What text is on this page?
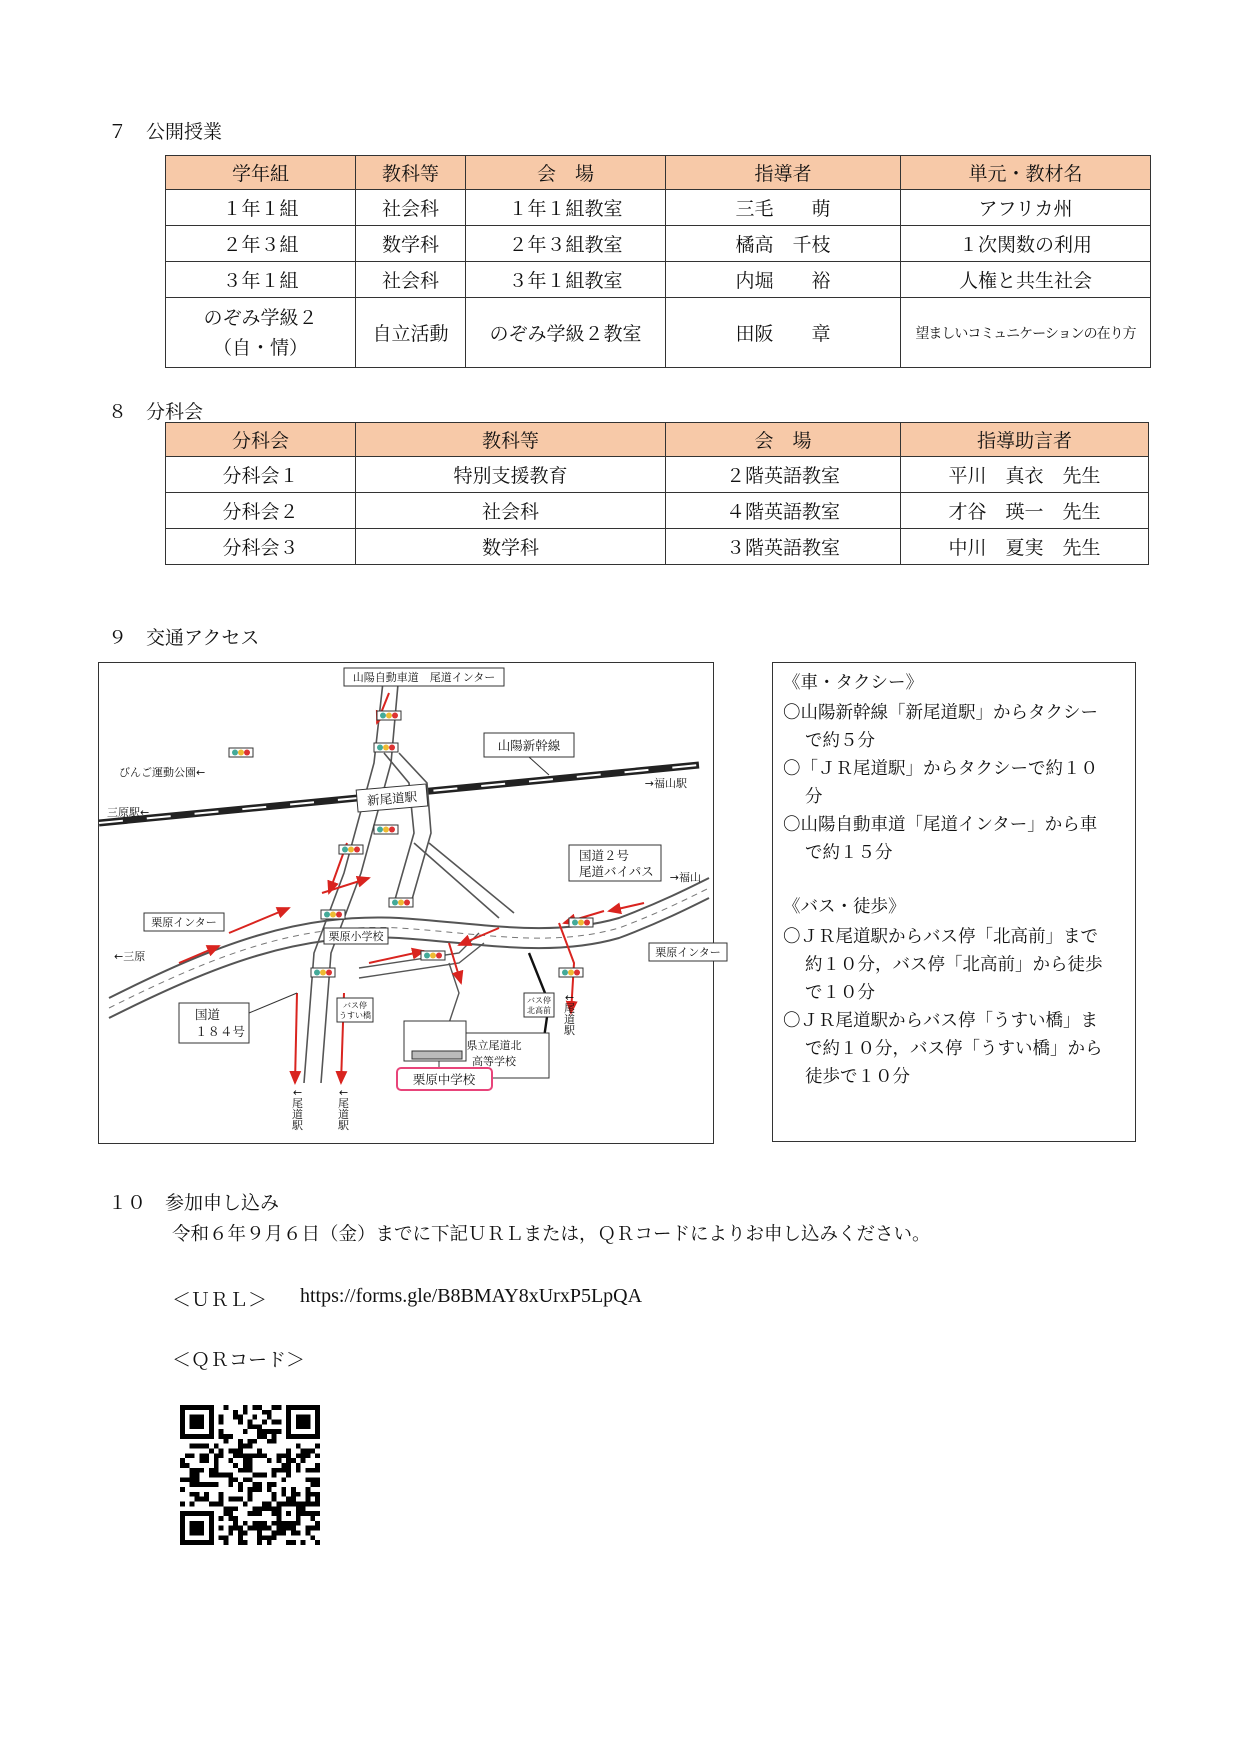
７　公開授業
学年組	教科等	会　場	指導者	単元・教材名
１年１組	社会科	１年１組教室	三毛　　萌	アフリカ州
２年３組	数学科	２年３組教室	橘高　千枝	１次関数の利用
３年１組	社会科	３年１組教室	内堀　　裕	人権と共生社会

のぞみ学級２
（自・情）	自立活動	のぞみ学級２教室	田阪　　章	望ましいコミュニケーションの在り方
８　分科会
分科会	教科等	会　場	指導助言者
分科会１	特別支援教育	２階英語教室	平川　真衣　先生
分科会２	社会科	４階英語教室	才谷　瑛一　先生
分科会３	数学科	３階英語教室	中川　夏実　先生
９　交通アクセス
山陽自動車道　尾道インター
山陽新幹線
びんご運動公園←
三原駅←
→福山駅
新尾道駅
国道２号
尾道バイパス →福山
栗原インター
栗原インター
←三原
栗原小学校
国道
１８４号
バス停
うすい橋
バス停
北高前
県立尾道北
高等学校
栗原中学校
↓尾道駅
↓尾道駅	↓尾道駅
《車・タクシー》
〇山陽新幹線「新尾道駅」からタクシー
で約５分
〇「ＪＲ尾道駅」からタクシーで約１０
分
〇山陽自動車道「尾道インター」から車
で約１５分
《バス・徒歩》
〇ＪＲ尾道駅からバス停「北高前」まで
約１０分，バス停「北高前」から徒歩
で１０分
〇ＪＲ尾道駅からバス停「うすい橋」ま
で約１０分，バス停「うすい橋」から
徒歩で１０分
１０　参加申し込み
令和６年９月６日（金）までに下記ＵＲＬまたは，ＱＲコードによりお申し込みください。
＜ＵＲＬ＞ https://forms.gle/B8BMAY8xUrxP5LpQA
＜ＱＲコード＞
